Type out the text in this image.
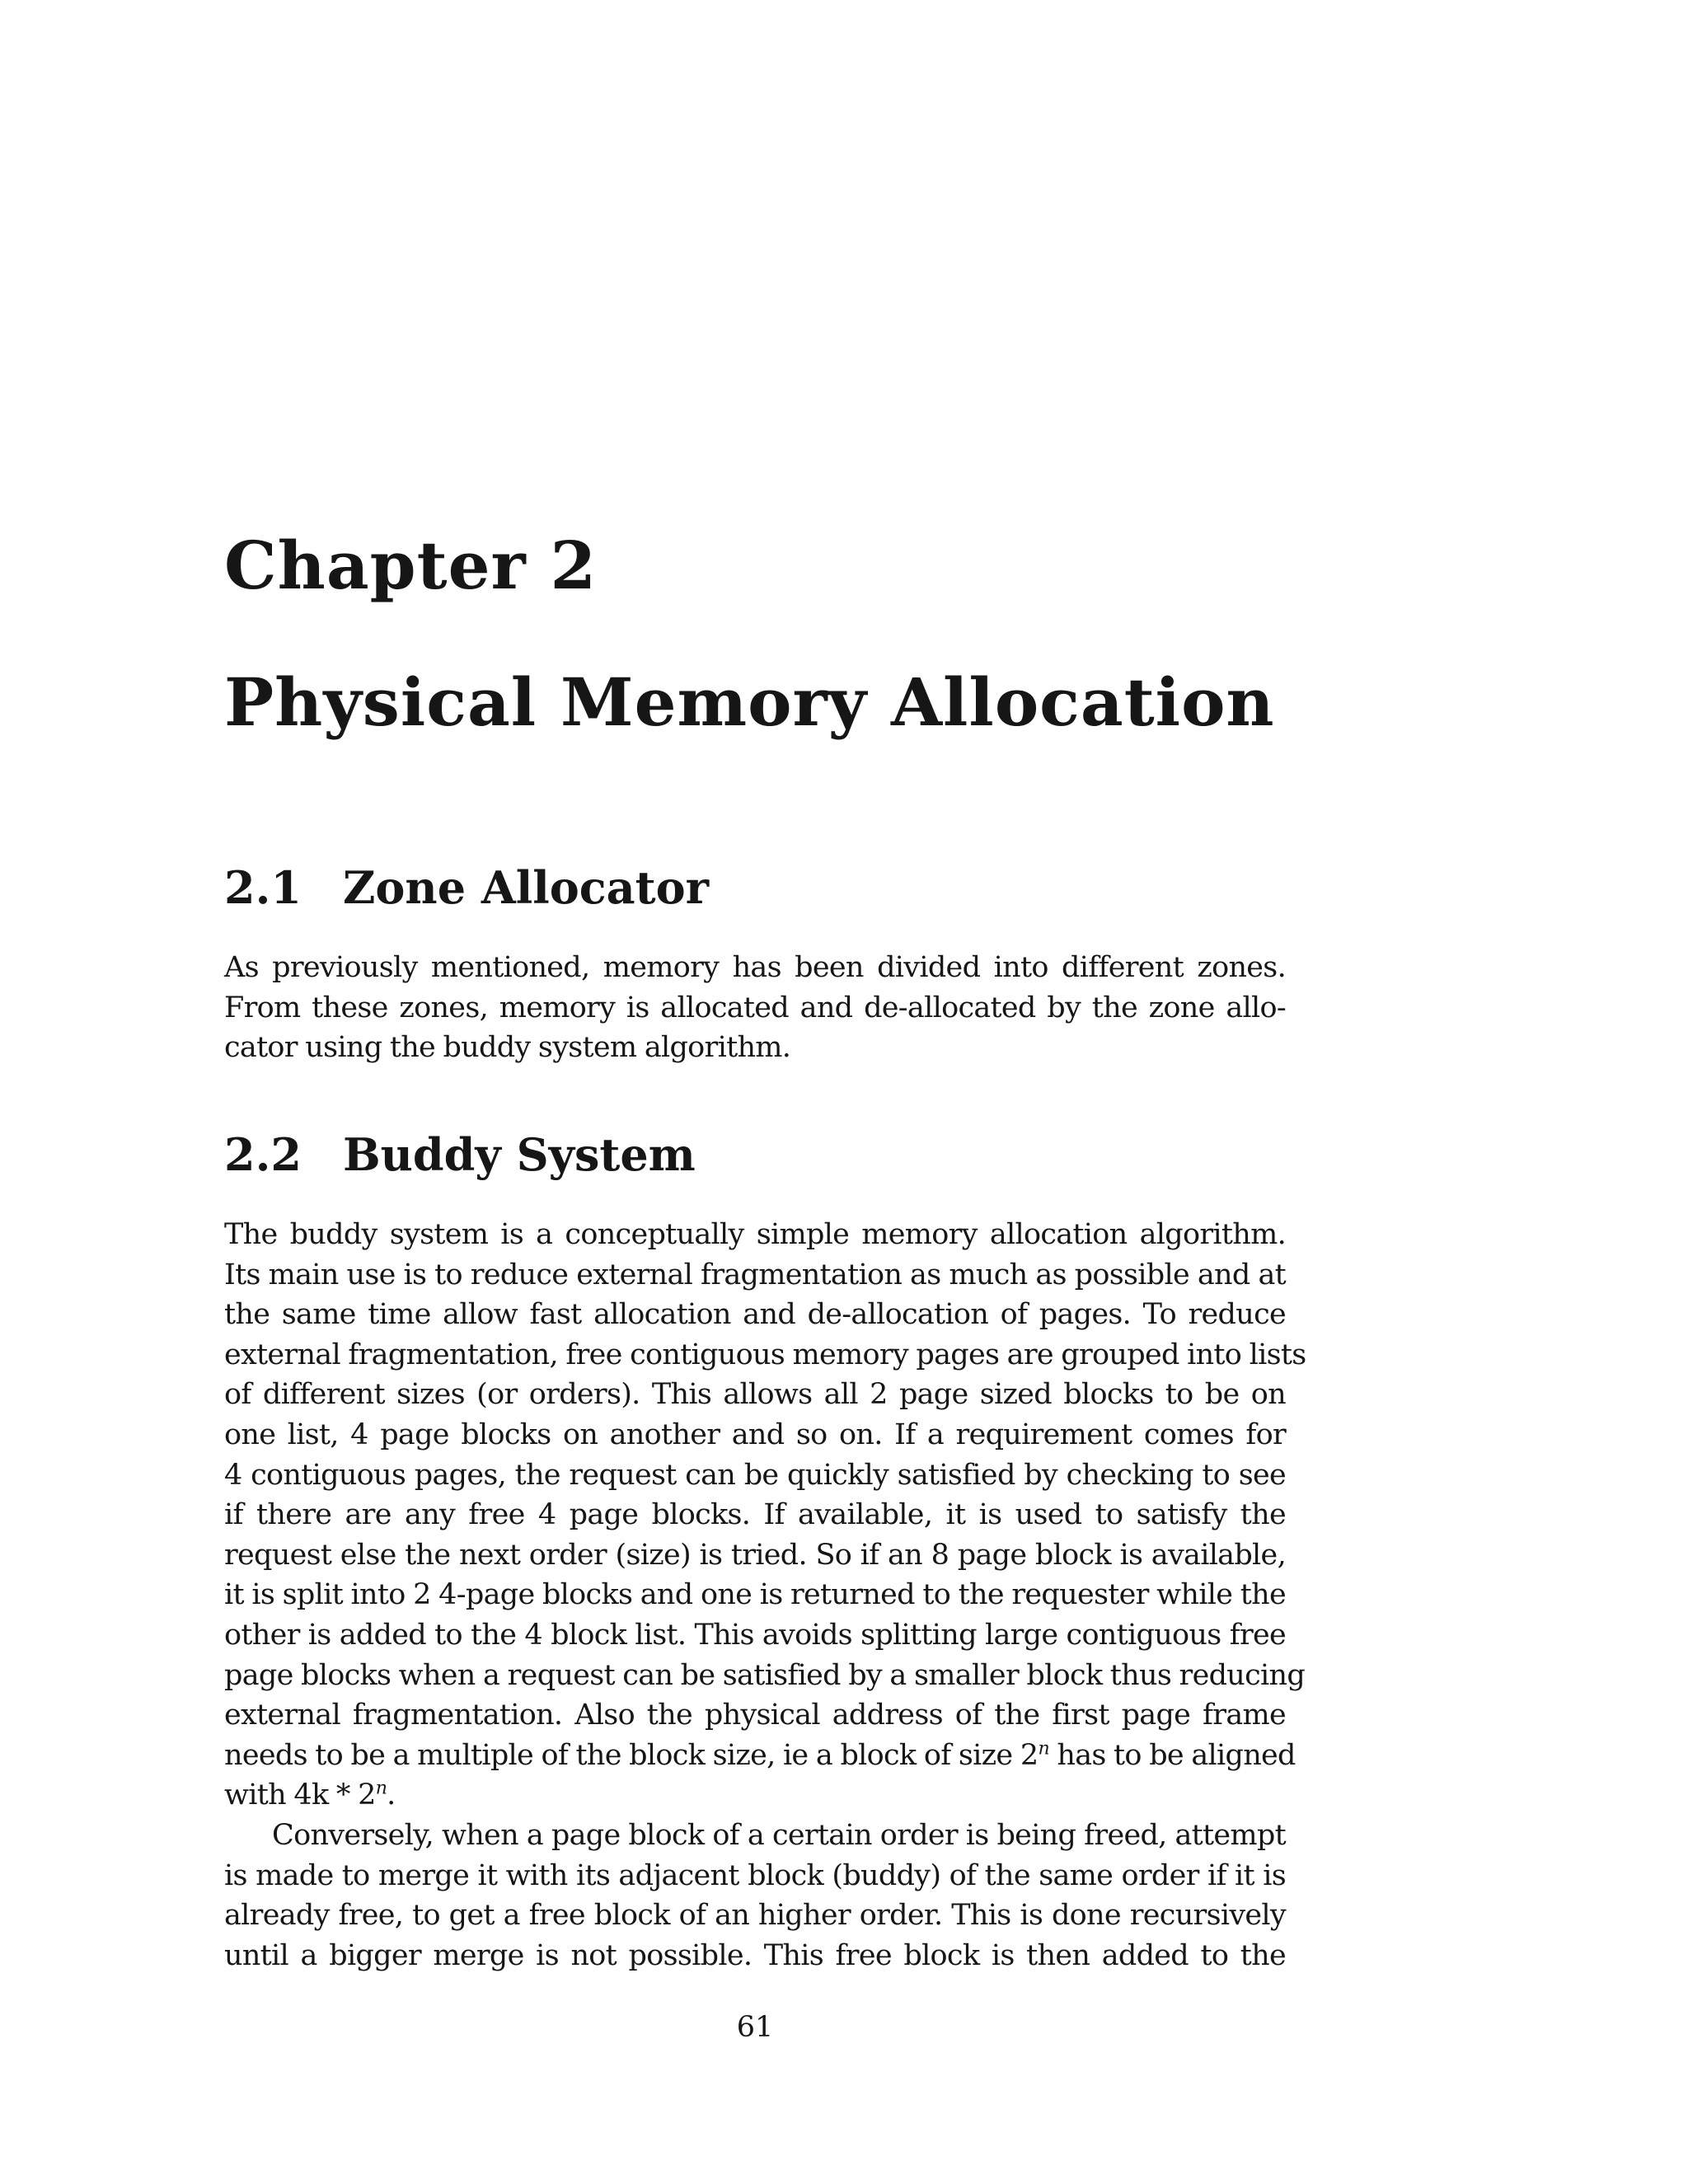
Chapter 2
Physical Memory Allocation
2.1 Zone Allocator
As previously mentioned, memory has been divided into different zones.
From these zones, memory is allocated and de-allocated by the zone allo-
cator using the buddy system algorithm.
2.2 Buddy System
The buddy system is a conceptually simple memory allocation algorithm.
Its main use is to reduce external fragmentation as much as possible and at
the same time allow fast allocation and de-allocation of pages. To reduce
external fragmentation, free contiguous memory pages are grouped into lists
of different sizes (or orders). This allows all 2 page sized blocks to be on
one list, 4 page blocks on another and so on. If a requirement comes for
4 contiguous pages, the request can be quickly satisfied by checking to see
if there are any free 4 page blocks. If available, it is used to satisfy the
request else the next order (size) is tried. So if an 8 page block is available,
it is split into 2 4-page blocks and one is returned to the requester while the
other is added to the 4 block list. This avoids splitting large contiguous free
page blocks when a request can be satisfied by a smaller block thus reducing
external fragmentation. Also the physical address of the first page frame
needs to be a multiple of the block size, ie a block of size 2$^n$ has to be aligned
with 4k * 2$^n$.
Conversely, when a page block of a certain order is being freed, attempt
is made to merge it with its adjacent block (buddy) of the same order if it is
already free, to get a free block of an higher order. This is done recursively
until a bigger merge is not possible. This free block is then added to the
61
